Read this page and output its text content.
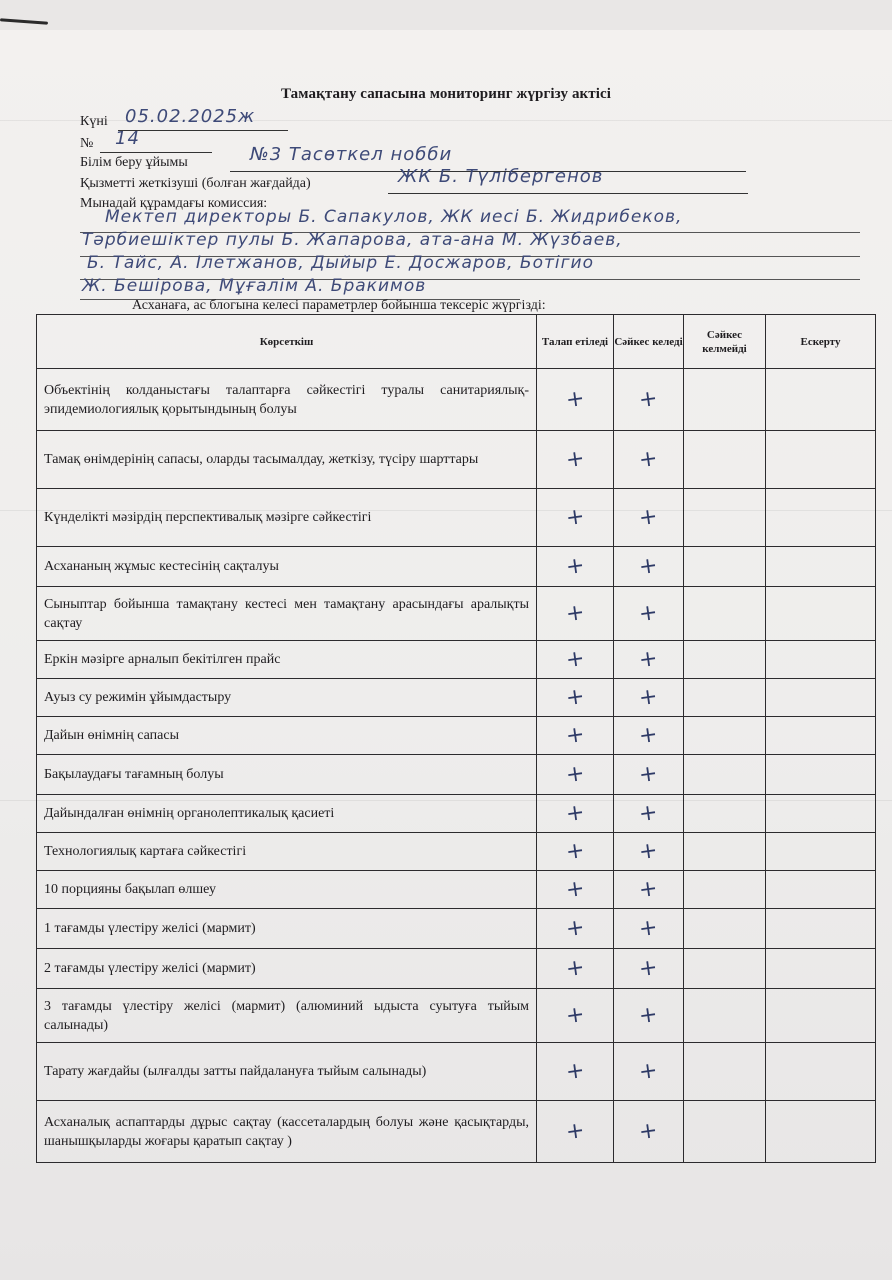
Тамақтану сапасына мониторинг жүргізу актісі
Күні 05.02.2025ж
№ 14
Білім беру ұйымы	№3 Тасөткел нобби
Қызметті жеткізуші (болған жағдайда)	ЖК Б. Түлібергенов
Мынадай құрамдағы комиссия:
Мектеп директоры Б. Сапакулов, ЖК иесі Б. Жидрибеков,
Тәрбиешіктер пулы Б. Жапарова, ата-ана М. Жүзбаев,
Б. Тайс, А. Ілетжанов, Дыйыр Е. Досжаров, Ботігио
Ж. Бешірова, Мұғалім А. Бракимов
Асханаға, ас блогына келесі параметрлер бойынша тексеріс жүргізді:
Көрсеткіш	Талап етіледі	Сәйкес келеді	Сәйкес келмейді	Ескерту
Объектінің колданыстағы талаптарға сәйкестігі туралы санитариялық-эпидемиологиялық қорытындының болуы	+	+		
Тамақ өнімдерінің сапасы, оларды тасымалдау, жеткізу, түсіру шарттары	+	+		
Күнделікті мәзірдің перспективалық мәзірге сәйкестігі	+	+		
Асхананың жұмыс кестесінің сақталуы	+	+		
Сыныптар бойынша тамақтану кестесі мен тамақтану арасындағы аралықты сақтау	+	+		
Еркін мәзірге арналып бекітілген прайс	+	+		
Ауыз су режимін ұйымдастыру	+	+		
Дайын өнімнің сапасы	+	+		
Бақылаудағы тағамның болуы	+	+		
Дайындалған өнімнің органолептикалық қасиеті	+	+		
Технологиялық картаға сәйкестігі	+	+		
10 порцияны бақылап өлшеу	+	+		
1 тағамды үлестіру желісі (мармит)	+	+		
2 тағамды үлестіру желісі (мармит)	+	+		
3 тағамды үлестіру желісі (мармит) (алюминий ыдыста суытуға тыйым салынады)	+	+		
Тарату жағдайы (ылғалды затты пайдалануға тыйым салынады)	+	+		
Асханалық аспаптарды дұрыс сақтау (кассеталардың болуы және қасықтарды, шанышқыларды жоғары қаратып сақтау )	+	+		
